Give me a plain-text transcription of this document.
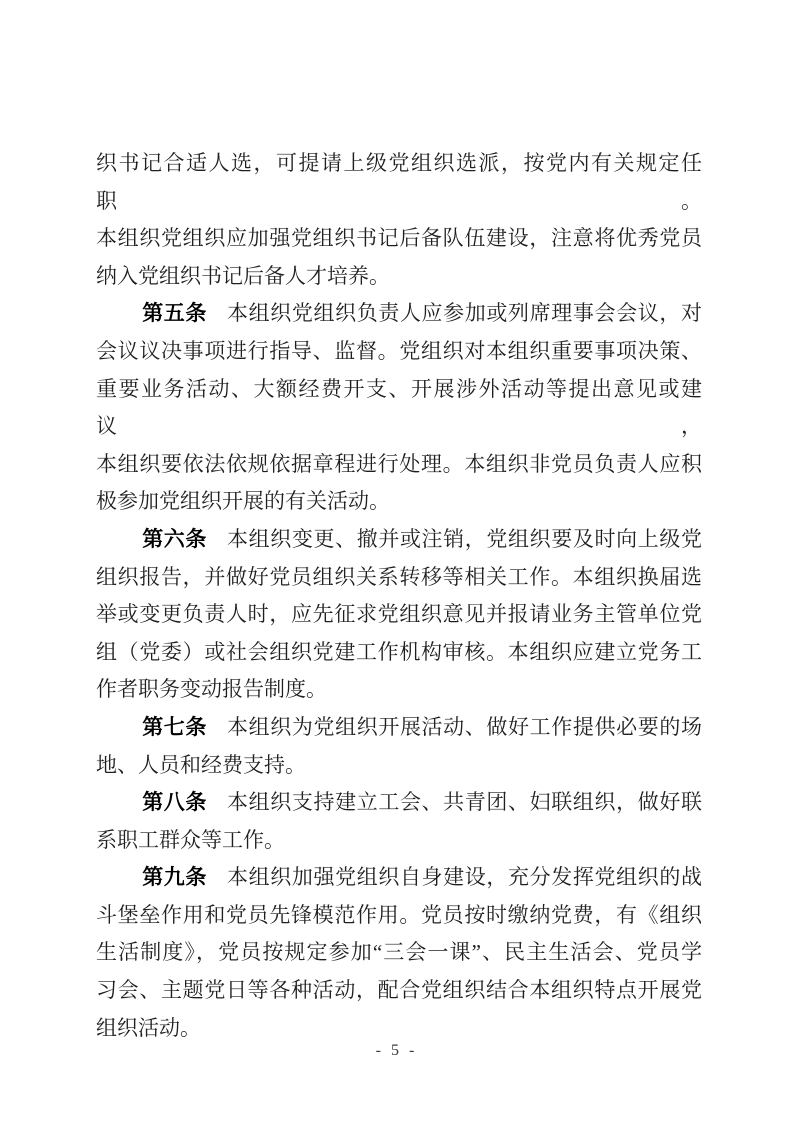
织书记合适人选，可提请上级党组织选派，按党内有关规定任职。
本组织党组织应加强党组织书记后备队伍建设，注意将优秀党员
纳入党组织书记后备人才培养。
第五条 本组织党组织负责人应参加或列席理事会会议，对
会议议决事项进行指导、监督。党组织对本组织重要事项决策、
重要业务活动、大额经费开支、开展涉外活动等提出意见或建议，
本组织要依法依规依据章程进行处理。本组织非党员负责人应积
极参加党组织开展的有关活动。
第六条 本组织变更、撤并或注销，党组织要及时向上级党
组织报告，并做好党员组织关系转移等相关工作。本组织换届选
举或变更负责人时，应先征求党组织意见并报请业务主管单位党
组（党委）或社会组织党建工作机构审核。本组织应建立党务工
作者职务变动报告制度。
第七条 本组织为党组织开展活动、做好工作提供必要的场
地、人员和经费支持。
第八条 本组织支持建立工会、共青团、妇联组织，做好联
系职工群众等工作。
第九条 本组织加强党组织自身建设，充分发挥党组织的战
斗堡垒作用和党员先锋模范作用。党员按时缴纳党费，有《组织
生活制度》，党员按规定参加“三会一课”、民主生活会、党员学
习会、主题党日等各种活动，配合党组织结合本组织特点开展党
组织活动。
- 5 -
